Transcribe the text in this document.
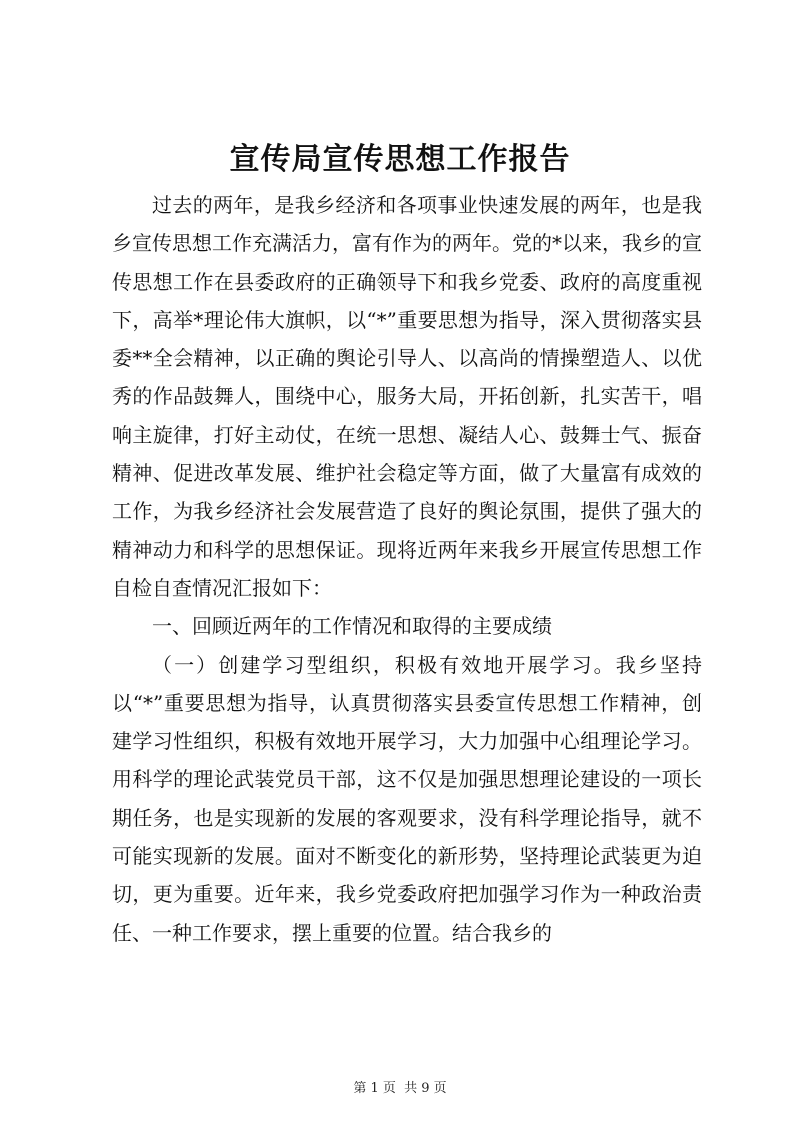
宣传局宣传思想工作报告

过去的两年，是我乡经济和各项事业快速发展的两年，也是我乡宣传思想工作充满活力，富有作为的两年。党的*以来，我乡的宣传思想工作在县委政府的正确领导下和我乡党委、政府的高度重视下，高举*理论伟大旗帜，以“*”重要思想为指导，深入贯彻落实县委**全会精神，以正确的舆论引导人、以高尚的情操塑造人、以优秀的作品鼓舞人，围绕中心，服务大局，开拓创新，扎实苦干，唱响主旋律，打好主动仗，在统一思想、凝结人心、鼓舞士气、振奋精神、促进改革发展、维护社会稳定等方面，做了大量富有成效的工作，为我乡经济社会发展营造了良好的舆论氛围，提供了强大的精神动力和科学的思想保证。现将近两年来我乡开展宣传思想工作自检自查情况汇报如下：

一、回顾近两年的工作情况和取得的主要成绩

（一）创建学习型组织，积极有效地开展学习。我乡坚持以“*”重要思想为指导，认真贯彻落实县委宣传思想工作精神，创建学习性组织，积极有效地开展学习，大力加强中心组理论学习。用科学的理论武装党员干部，这不仅是加强思想理论建设的一项长期任务，也是实现新的发展的客观要求，没有科学理论指导，就不可能实现新的发展。面对不断变化的新形势，坚持理论武装更为迫切，更为重要。近年来，我乡党委政府把加强学习作为一种政治责任、一种工作要求，摆上重要的位置。结合我乡的

第 1 页 共 9 页
